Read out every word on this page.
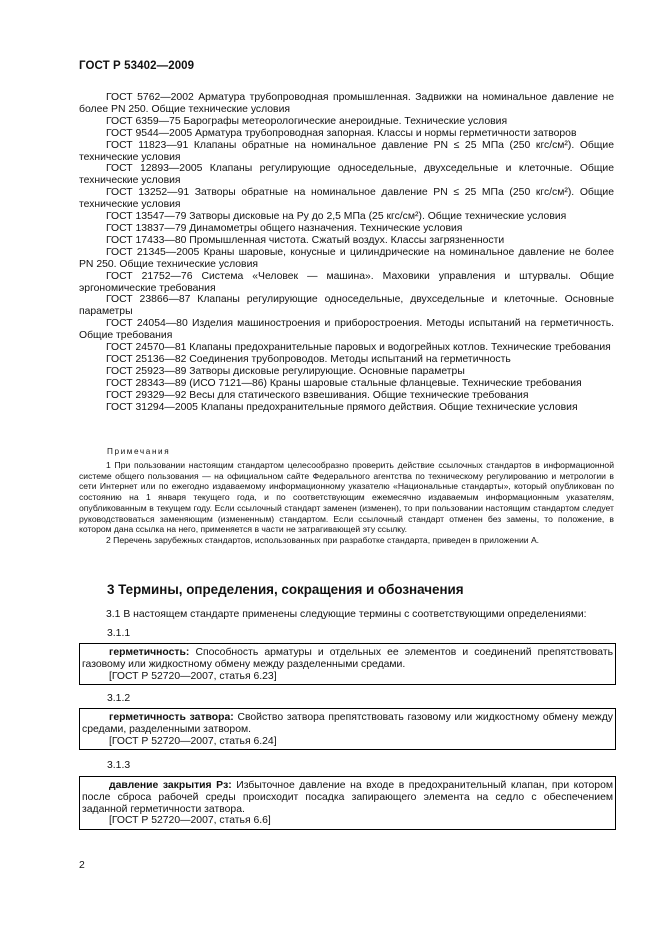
ГОСТ Р 53402—2009

ГОСТ 5762—2002 Арматура трубопроводная промышленная. Задвижки на номинальное давление не более PN 250. Общие технические условия

ГОСТ 6359—75 Барографы метеорологические анероидные. Технические условия

ГОСТ 9544—2005 Арматура трубопроводная запорная. Классы и нормы герметичности затворов

ГОСТ 11823—91 Клапаны обратные на номинальное давление PN ≤ 25 МПа (250 кгс/см²). Общие технические условия

ГОСТ 12893—2005 Клапаны регулирующие односедельные, двухседельные и клеточные. Общие технические условия

ГОСТ 13252—91 Затворы обратные на номинальное давление PN ≤ 25 МПа (250 кгс/см²). Общие технические условия

ГОСТ 13547—79 Затворы дисковые на Pу до 2,5 МПа (25 кгс/см²). Общие технические условия

ГОСТ 13837—79 Динамометры общего назначения. Технические условия

ГОСТ 17433—80 Промышленная чистота. Сжатый воздух. Классы загрязненности

ГОСТ 21345—2005 Краны шаровые, конусные и цилиндрические на номинальное давление не более PN 250. Общие технические условия

ГОСТ 21752—76 Система «Человек — машина». Маховики управления и штурвалы. Общие эргономические требования

ГОСТ 23866—87 Клапаны регулирующие односедельные, двухседельные и клеточные. Основные параметры

ГОСТ 24054—80 Изделия машиностроения и приборостроения. Методы испытаний на герметичность. Общие требования

ГОСТ 24570—81 Клапаны предохранительные паровых и водогрейных котлов. Технические требования

ГОСТ 25136—82 Соединения трубопроводов. Методы испытаний на герметичность

ГОСТ 25923—89 Затворы дисковые регулирующие. Основные параметры

ГОСТ 28343—89 (ИСО 7121—86) Краны шаровые стальные фланцевые. Технические требования

ГОСТ 29329—92 Весы для статического взвешивания. Общие технические требования

ГОСТ 31294—2005 Клапаны предохранительные прямого действия. Общие технические условия

Примечания

1 При пользовании настоящим стандартом целесообразно проверить действие ссылочных стандартов в информационной системе общего пользования — на официальном сайте Федерального агентства по техническому регулированию и метрологии в сети Интернет или по ежегодно издаваемому информационному указателю «Национальные стандарты», который опубликован по состоянию на 1 января текущего года, и по соответствующим ежемесячно издаваемым информационным указателям, опубликованным в текущем году. Если ссылочный стандарт заменен (изменен), то при пользовании настоящим стандартом следует руководствоваться заменяющим (измененным) стандартом. Если ссылочный стандарт отменен без замены, то положение, в котором дана ссылка на него, применяется в части не затрагивающей эту ссылку.

2 Перечень зарубежных стандартов, использованных при разработке стандарта, приведен в приложении А.

3 Термины, определения, сокращения и обозначения

3.1 В настоящем стандарте применены следующие термины с соответствующими определениями:

3.1.1

герметичность: Способность арматуры и отдельных ее элементов и соединений препятствовать газовому или жидкостному обмену между разделенными средами.

[ГОСТ Р 52720—2007, статья 6.23]

3.1.2

герметичность затвора: Свойство затвора препятствовать газовому или жидкостному обмену между средами, разделенными затвором.

[ГОСТ Р 52720—2007, статья 6.24]

3.1.3

давление закрытия Pз: Избыточное давление на входе в предохранительный клапан, при котором после сброса рабочей среды происходит посадка запирающего элемента на седло с обеспечением заданной герметичности затвора.

[ГОСТ Р 52720—2007, статья 6.6]

2
